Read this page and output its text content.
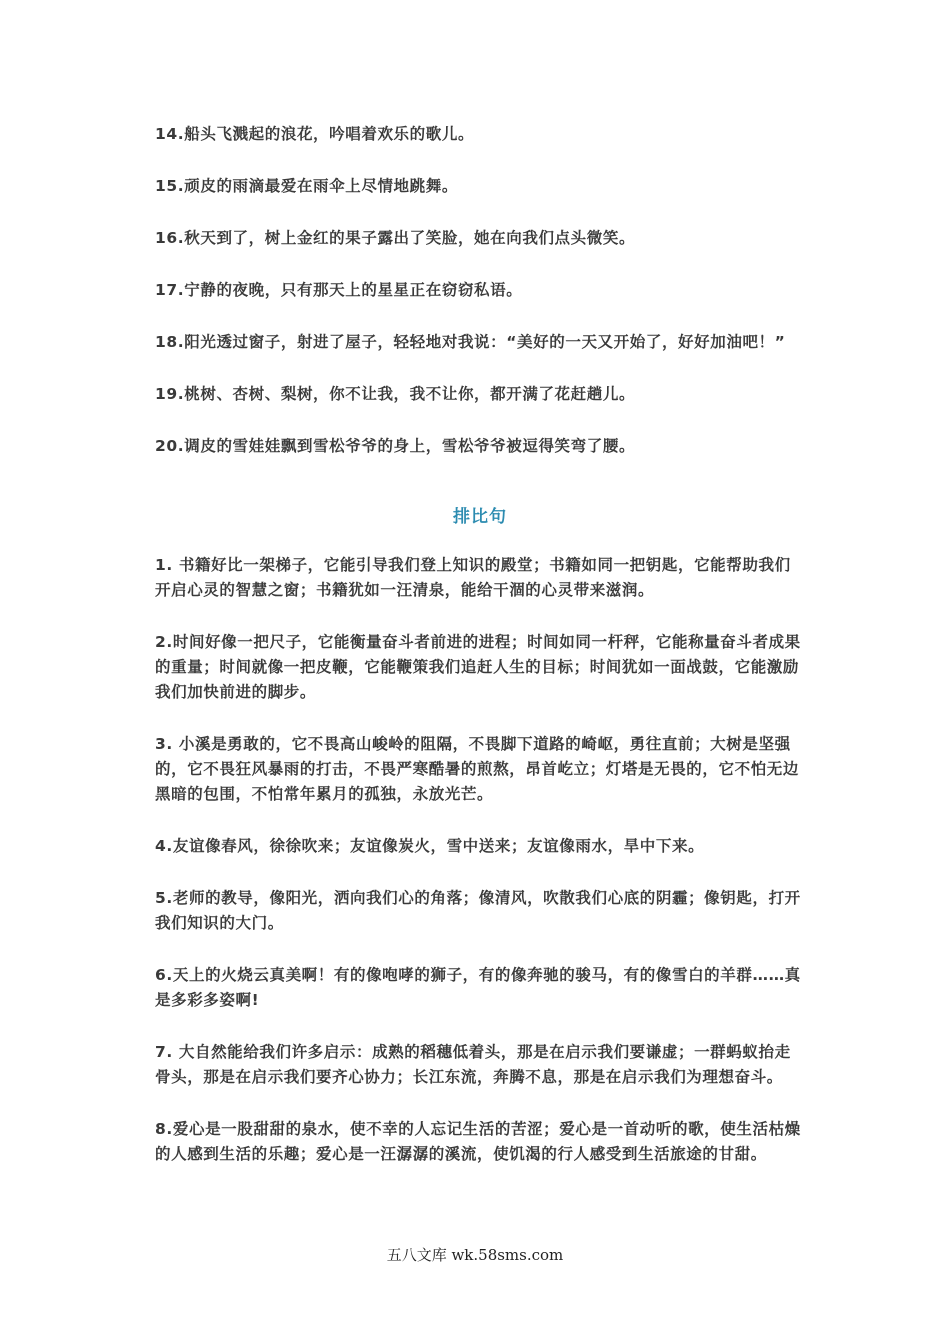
14.船头飞溅起的浪花，吟唱着欢乐的歌儿。

15.顽皮的雨滴最爱在雨伞上尽情地跳舞。

16.秋天到了，树上金红的果子露出了笑脸，她在向我们点头微笑。

17.宁静的夜晚，只有那天上的星星正在窃窃私语。

18.阳光透过窗子，射进了屋子，轻轻地对我说：“美好的一天又开始了，好好加油吧！”

19.桃树、杏树、梨树，你不让我，我不让你，都开满了花赶趟儿。

20.调皮的雪娃娃飘到雪松爷爷的身上，雪松爷爷被逗得笑弯了腰。

排比句

1. 书籍好比一架梯子，它能引导我们登上知识的殿堂；书籍如同一把钥匙，它能帮助我们开启心灵的智慧之窗；书籍犹如一汪清泉，能给干涸的心灵带来滋润。

2.时间好像一把尺子，它能衡量奋斗者前进的进程；时间如同一杆秤，它能称量奋斗者成果的重量；时间就像一把皮鞭，它能鞭策我们追赶人生的目标；时间犹如一面战鼓，它能激励我们加快前进的脚步。

3. 小溪是勇敢的，它不畏高山峻岭的阻隔，不畏脚下道路的崎岖，勇往直前；大树是坚强的，它不畏狂风暴雨的打击，不畏严寒酷暑的煎熬，昂首屹立；灯塔是无畏的，它不怕无边黑暗的包围，不怕常年累月的孤独，永放光芒。

4.友谊像春风，徐徐吹来；友谊像炭火，雪中送来；友谊像雨水，旱中下来。

5.老师的教导，像阳光，洒向我们心的角落；像清风，吹散我们心底的阴霾；像钥匙，打开我们知识的大门。

6.天上的火烧云真美啊！有的像咆哮的狮子，有的像奔驰的骏马，有的像雪白的羊群……真是多彩多姿啊!

7. 大自然能给我们许多启示：成熟的稻穗低着头，那是在启示我们要谦虚；一群蚂蚁抬走骨头，那是在启示我们要齐心协力；长江东流，奔腾不息，那是在启示我们为理想奋斗。

8.爱心是一股甜甜的泉水，使不幸的人忘记生活的苦涩；爱心是一首动听的歌，使生活枯燥的人感到生活的乐趣；爱心是一汪潺潺的溪流，使饥渴的行人感受到生活旅途的甘甜。

五八文库 wk.58sms.com
